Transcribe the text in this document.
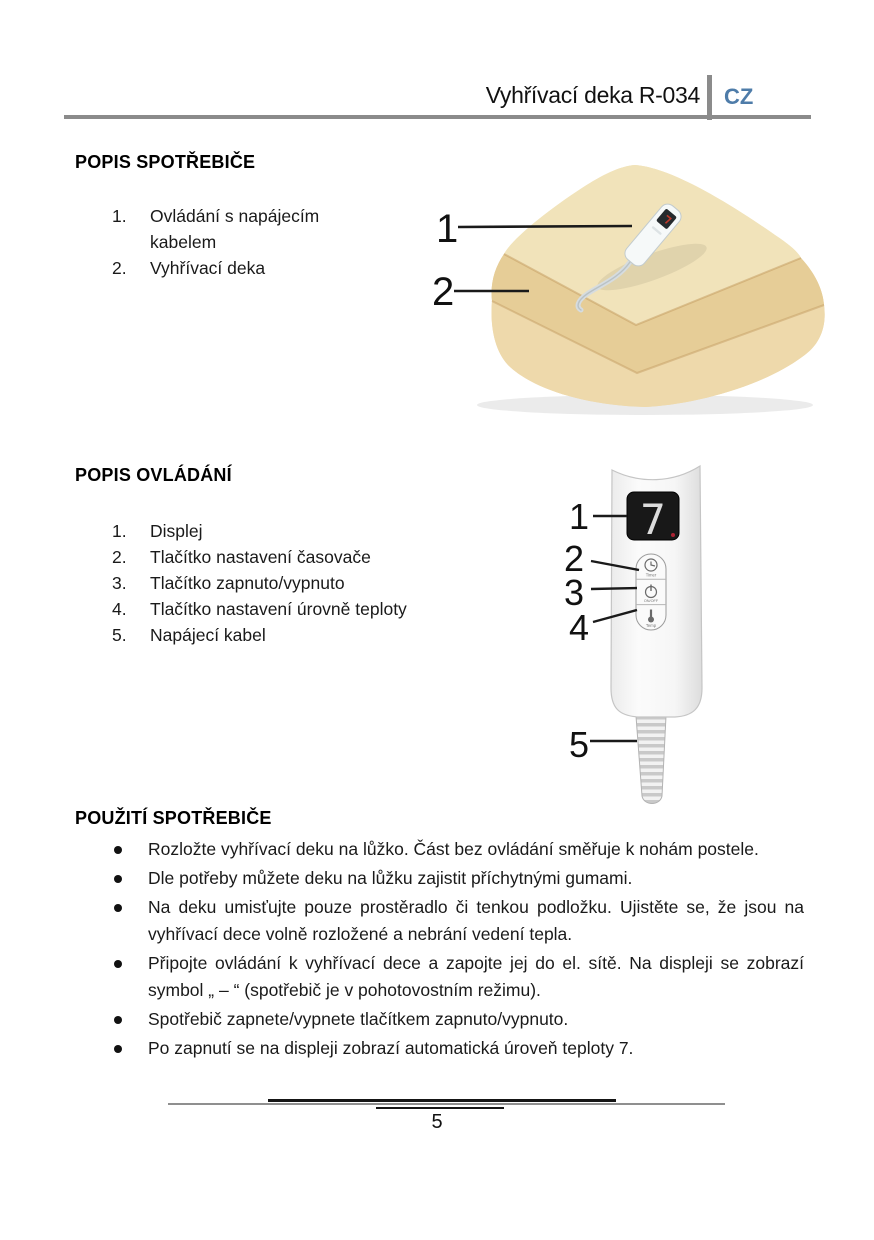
Vyhřívací deka R-034 CZ
POPIS SPOTŘEBIČE
1.	Ovládání s napájecím kabelem
2.	Vyhřívací deka
1
2
POPIS OVLÁDÁNÍ
1.	Displej
2.	Tlačítko nastavení časovače
3.	Tlačítko zapnuto/vypnuto
4.	Tlačítko nastavení úrovně teploty
5.	Napájecí kabel
7
Timer
ON/OFF
Temp
1
2
3
4
5
POUŽITÍ SPOTŘEBIČE
Rozložte vyhřívací deku na lůžko. Část bez ovládání směřuje k nohám postele.
Dle potřeby můžete deku na lůžku zajistit příchytnými gumami.
Na deku umisťujte pouze prostěradlo či tenkou podložku. Ujistěte se, že jsou na vyhřívací dece volně rozložené a nebrání vedení tepla.
Připojte ovládání k vyhřívací dece a zapojte jej do el. sítě. Na displeji se zobrazí symbol „ – “ (spotřebič je v pohotovostním režimu).
Spotřebič zapnete/vypnete tlačítkem zapnuto/vypnuto.
Po zapnutí se na displeji zobrazí automatická úroveň teploty 7.
5
